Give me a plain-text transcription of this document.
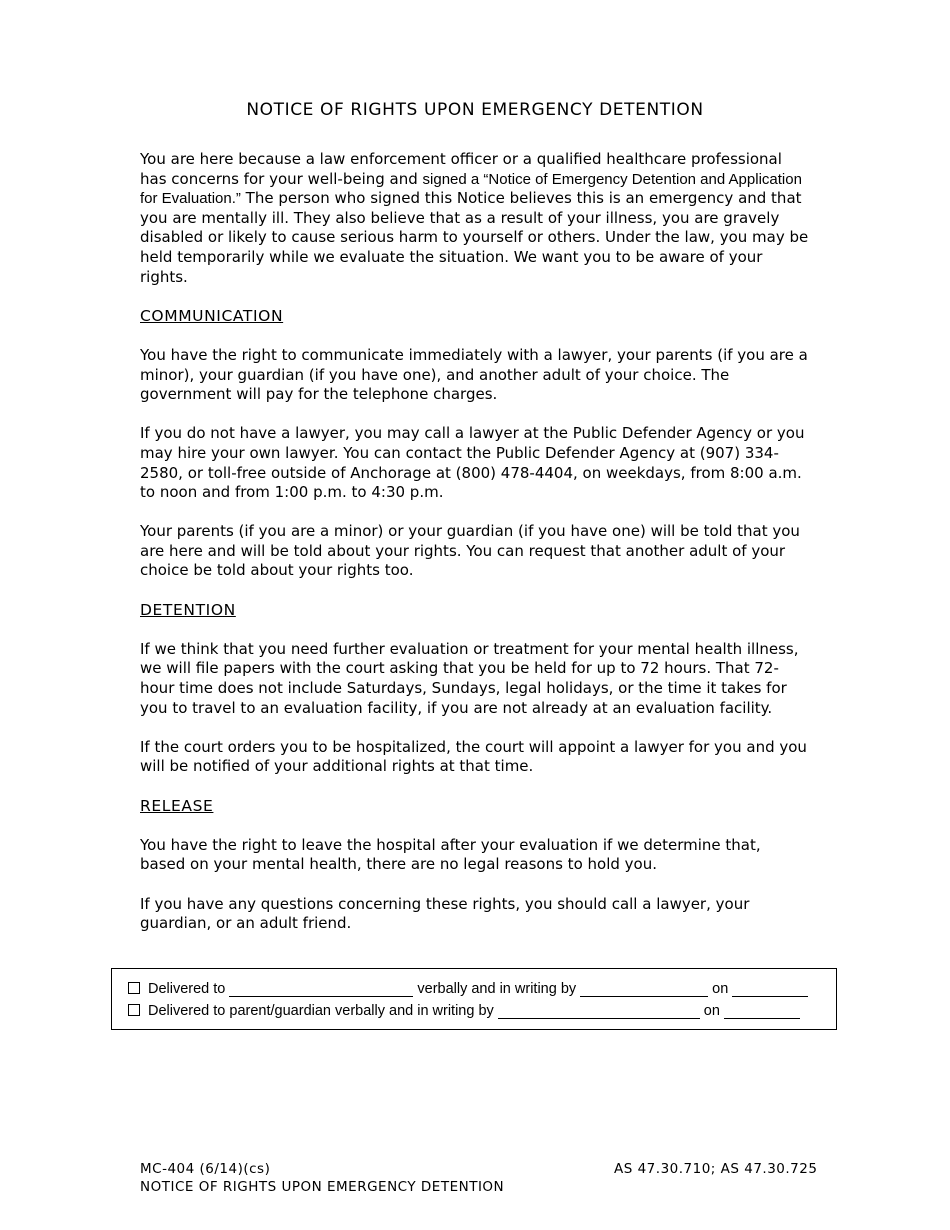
NOTICE OF RIGHTS UPON EMERGENCY DETENTION

You are here because a law enforcement officer or a qualified healthcare professional has concerns for your well-being and signed a “Notice of Emergency Detention and Application for Evaluation.” The person who signed this Notice believes this is an emergency and that you are mentally ill. They also believe that as a result of your illness, you are gravely disabled or likely to cause serious harm to yourself or others. Under the law, you may be held temporarily while we evaluate the situation. We want you to be aware of your rights.

COMMUNICATION

You have the right to communicate immediately with a lawyer, your parents (if you are a minor), your guardian (if you have one), and another adult of your choice. The government will pay for the telephone charges.

If you do not have a lawyer, you may call a lawyer at the Public Defender Agency or you may hire your own lawyer. You can contact the Public Defender Agency at (907) 334-2580, or toll-free outside of Anchorage at (800) 478-4404, on weekdays, from 8:00 a.m. to noon and from 1:00 p.m. to 4:30 p.m.

Your parents (if you are a minor) or your guardian (if you have one) will be told that you are here and will be told about your rights. You can request that another adult of your choice be told about your rights too.

DETENTION

If we think that you need further evaluation or treatment for your mental health illness, we will file papers with the court asking that you be held for up to 72 hours. That 72-hour time does not include Saturdays, Sundays, legal holidays, or the time it takes for you to travel to an evaluation facility, if you are not already at an evaluation facility.

If the court orders you to be hospitalized, the court will appoint a lawyer for you and you will be notified of your additional rights at that time.

RELEASE

You have the right to leave the hospital after your evaluation if we determine that, based on your mental health, there are no legal reasons to hold you.

If you have any questions concerning these rights, you should call a lawyer, your guardian, or an adult friend.

Delivered to	verbally and in writing by	on
Delivered to parent/guardian verbally and in writing by	on
MC-404 (6/14)(cs)
NOTICE OF RIGHTS UPON EMERGENCY DETENTION
AS 47.30.710; AS 47.30.725
